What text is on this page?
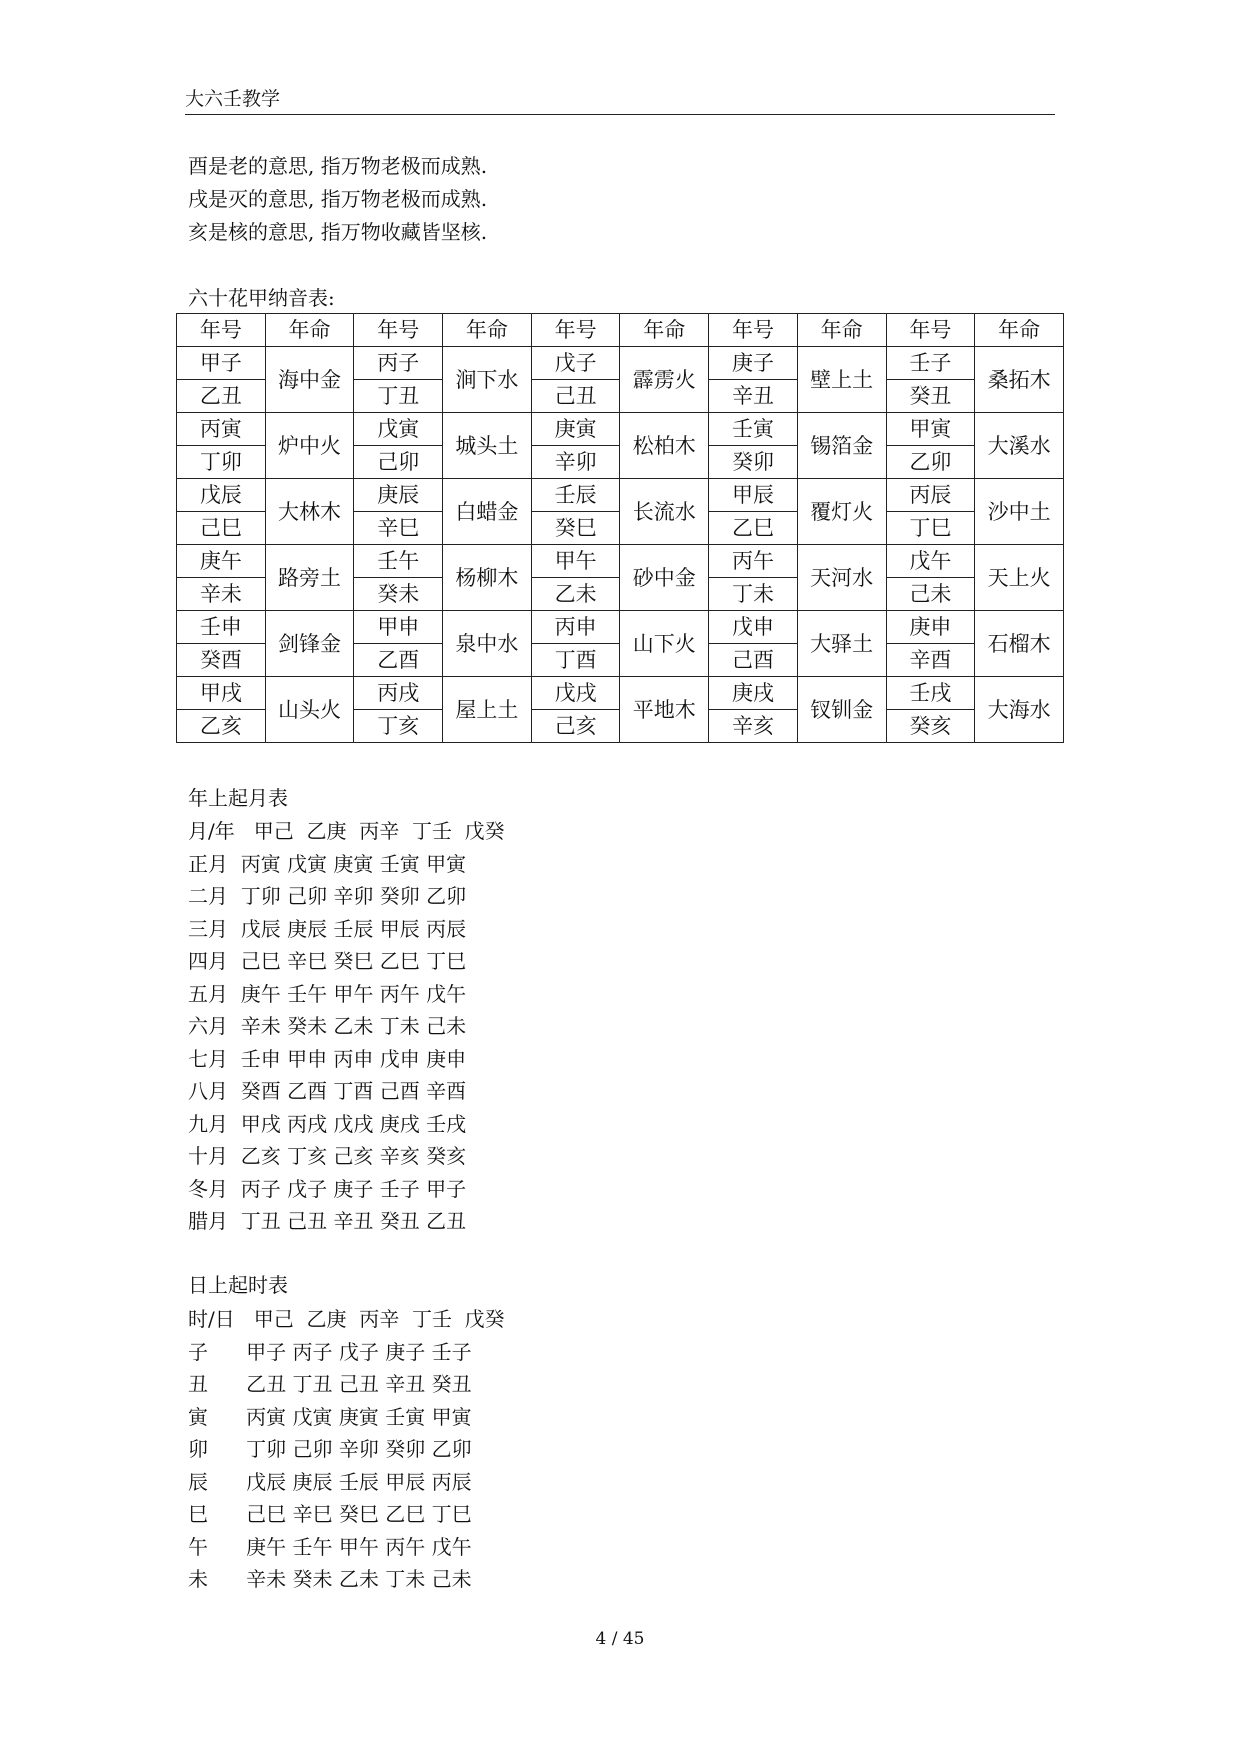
大六壬教学
酉是老的意思, 指万物老极而成熟.
戌是灭的意思, 指万物老极而成熟.
亥是核的意思, 指万物收藏皆坚核.
六十花甲纳音表:
年号	年命	年号	年命	年号	年命	年号	年命	年号	年命
甲子	海中金	丙子	涧下水	戊子	霹雳火	庚子	壁上土	壬子	桑拓木
乙丑		丁丑		己丑		辛丑		癸丑	
丙寅	炉中火	戊寅	城头土	庚寅	松柏木	壬寅	锡箔金	甲寅	大溪水
丁卯		己卯		辛卯		癸卯		乙卯	
戊辰	大林木	庚辰	白蜡金	壬辰	长流水	甲辰	覆灯火	丙辰	沙中土
己巳		辛巳		癸巳		乙巳		丁巳	
庚午	路旁土	壬午	杨柳木	甲午	砂中金	丙午	天河水	戊午	天上火
辛未		癸未		乙未		丁未		己未	
壬申	剑锋金	甲申	泉中水	丙申	山下火	戊申	大驿土	庚申	石榴木
癸酉		乙酉		丁酉		己酉		辛酉	
甲戌	山头火	丙戌	屋上土	戊戌	平地木	庚戌	钗钏金	壬戌	大海水
乙亥		丁亥		己亥		辛亥		癸亥	
年上起月表
月/年   甲己  乙庚  丙辛  丁壬  戊癸
正月  丙寅 戊寅 庚寅 壬寅 甲寅
二月  丁卯 己卯 辛卯 癸卯 乙卯
三月  戊辰 庚辰 壬辰 甲辰 丙辰
四月  己巳 辛巳 癸巳 乙巳 丁巳
五月  庚午 壬午 甲午 丙午 戊午
六月  辛未 癸未 乙未 丁未 己未
七月  壬申 甲申 丙申 戊申 庚申
八月  癸酉 乙酉 丁酉 己酉 辛酉
九月  甲戌 丙戌 戊戌 庚戌 壬戌
十月  乙亥 丁亥 己亥 辛亥 癸亥
冬月  丙子 戊子 庚子 壬子 甲子
腊月  丁丑 己丑 辛丑 癸丑 乙丑
日上起时表
时/日   甲己  乙庚  丙辛  丁壬  戊癸
子      甲子 丙子 戊子 庚子 壬子
丑      乙丑 丁丑 己丑 辛丑 癸丑
寅      丙寅 戊寅 庚寅 壬寅 甲寅
卯      丁卯 己卯 辛卯 癸卯 乙卯
辰      戊辰 庚辰 壬辰 甲辰 丙辰
巳      己巳 辛巳 癸巳 乙巳 丁巳
午      庚午 壬午 甲午 丙午 戊午
未      辛未 癸未 乙未 丁未 己未
4 / 45
